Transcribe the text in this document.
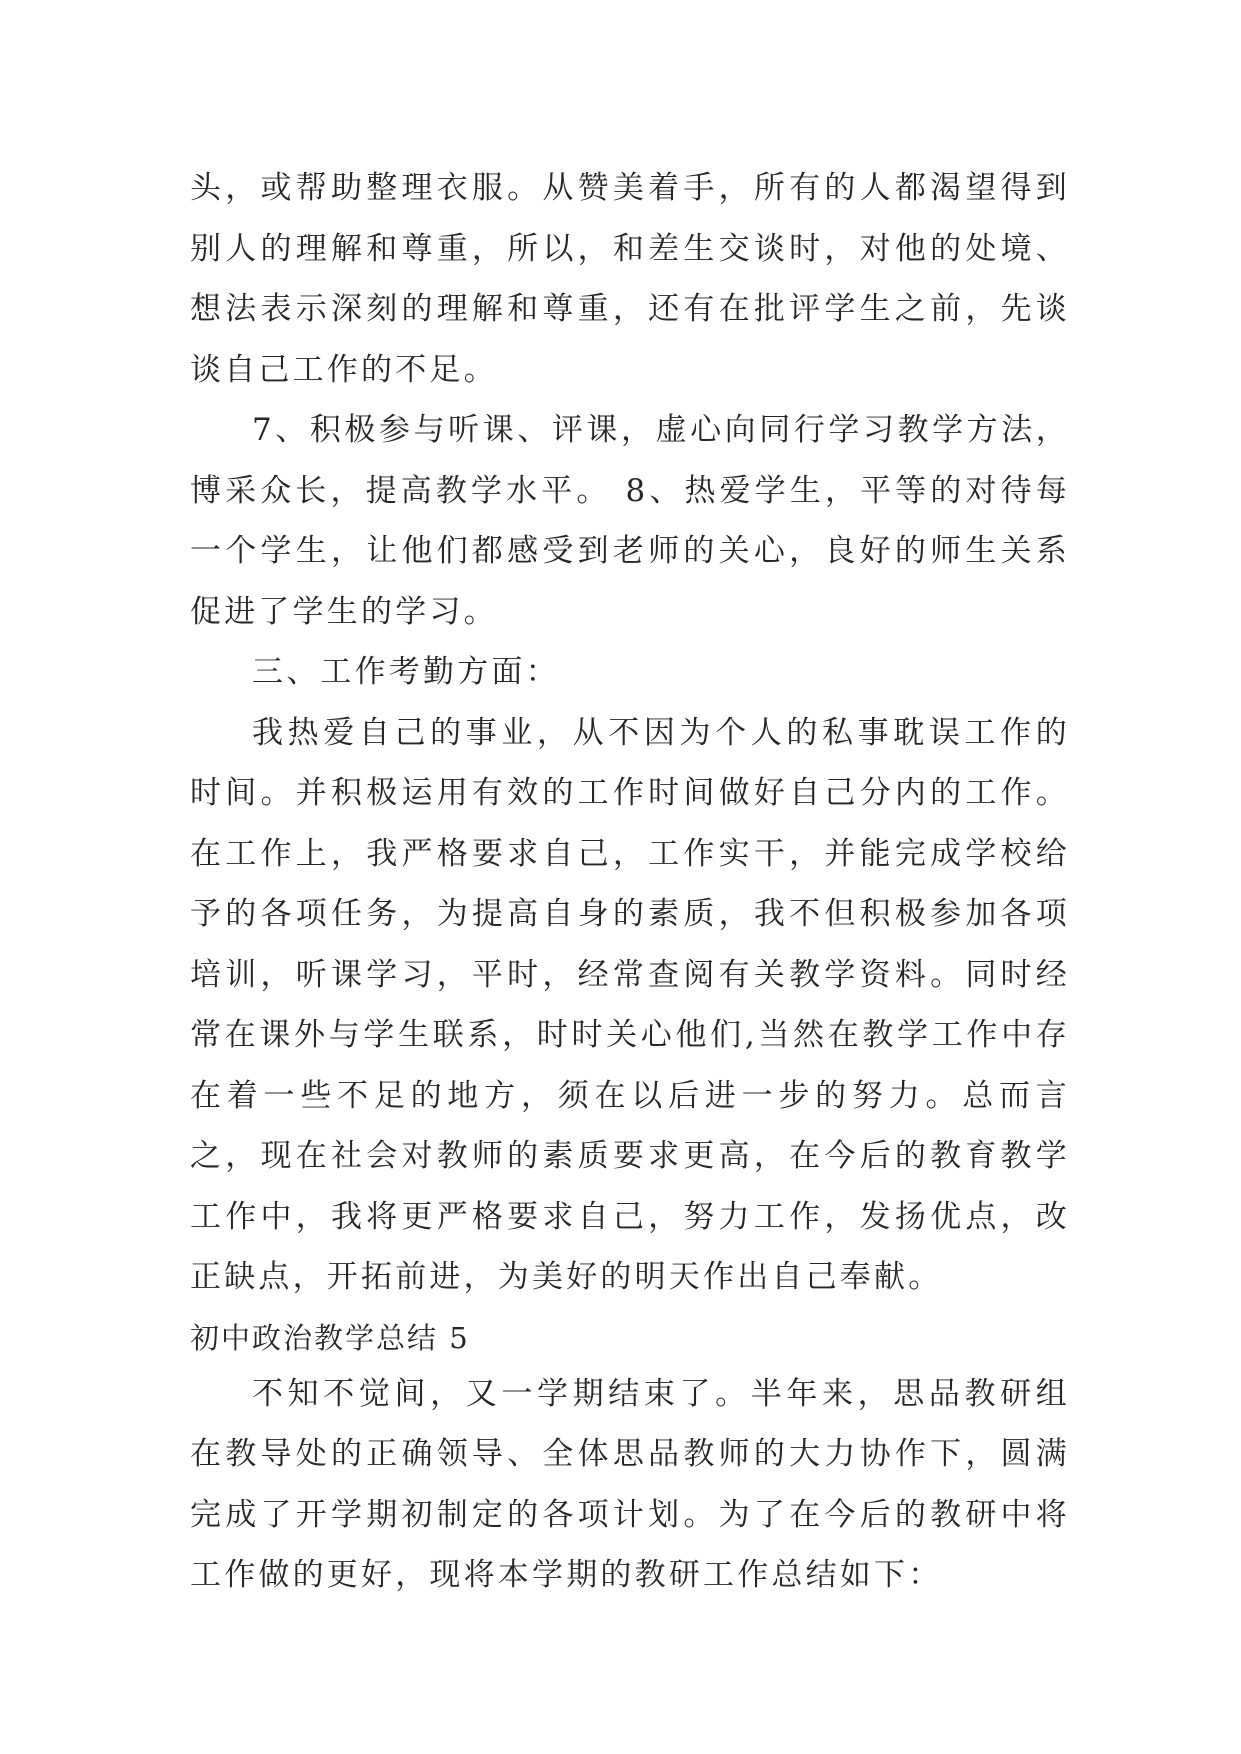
头，或帮助整理衣服。从赞美着手，所有的人都渴望得到别人的理解和尊重，所以，和差生交谈时，对他的处境、想法表示深刻的理解和尊重，还有在批评学生之前，先谈谈自己工作的不足。

7、积极参与听课、评课，虚心向同行学习教学方法，博采众长，提高教学水平。 8、热爱学生，平等的对待每一个学生，让他们都感受到老师的关心，良好的师生关系促进了学生的学习。

三、工作考勤方面：

我热爱自己的事业，从不因为个人的私事耽误工作的时间。并积极运用有效的工作时间做好自己分内的工作。在工作上，我严格要求自己，工作实干，并能完成学校给予的各项任务，为提高自身的素质，我不但积极参加各项培训，听课学习，平时，经常查阅有关教学资料。同时经常在课外与学生联系，时时关心他们,当然在教学工作中存在着一些不足的地方，须在以后进一步的努力。总而言之，现在社会对教师的素质要求更高，在今后的教育教学工作中，我将更严格要求自己，努力工作，发扬优点，改正缺点，开拓前进，为美好的明天作出自己奉献。

初中政治教学总结 5

不知不觉间，又一学期结束了。半年来，思品教研组在教导处的正确领导、全体思品教师的大力协作下，圆满完成了开学期初制定的各项计划。为了在今后的教研中将工作做的更好，现将本学期的教研工作总结如下：
